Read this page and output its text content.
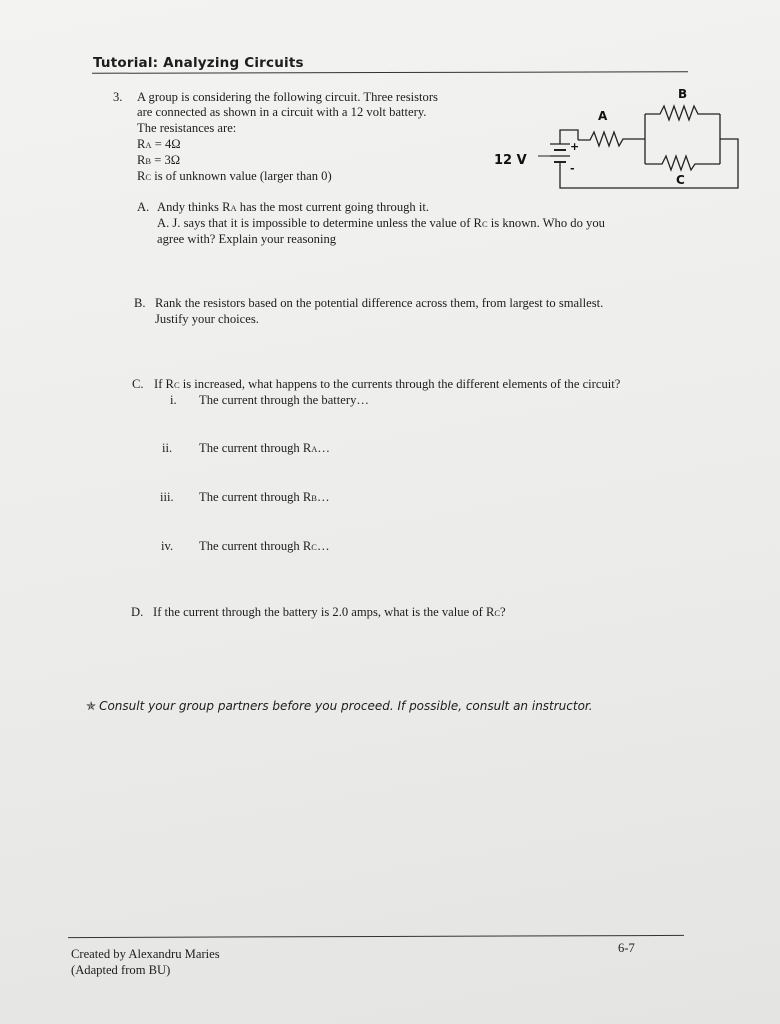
Tutorial: Analyzing Circuits
3. A group is considering the following circuit. Three resistors
are connected as shown in a circuit with a 12 volt battery.
The resistances are:
RA = 4Ω
RB = 3Ω
RC is of unknown value (larger than 0)
12 V
+
-
A
B
C
A. Andy thinks RA has the most current going through it.
A. J. says that it is impossible to determine unless the value of RC is known. Who do you
agree with? Explain your reasoning
B. Rank the resistors based on the potential difference across them, from largest to smallest.
Justify your choices.
C. If RC is increased, what happens to the currents through the different elements of the circuit?
i. The current through the battery…
ii. The current through RA…
iii. The current through RB…
iv. The current through RC…
D. If the current through the battery is 2.0 amps, what is the value of RC?
✯ Consult your group partners before you proceed. If possible, consult an instructor.
Created by Alexandru Maries
(Adapted from BU)
6-7
